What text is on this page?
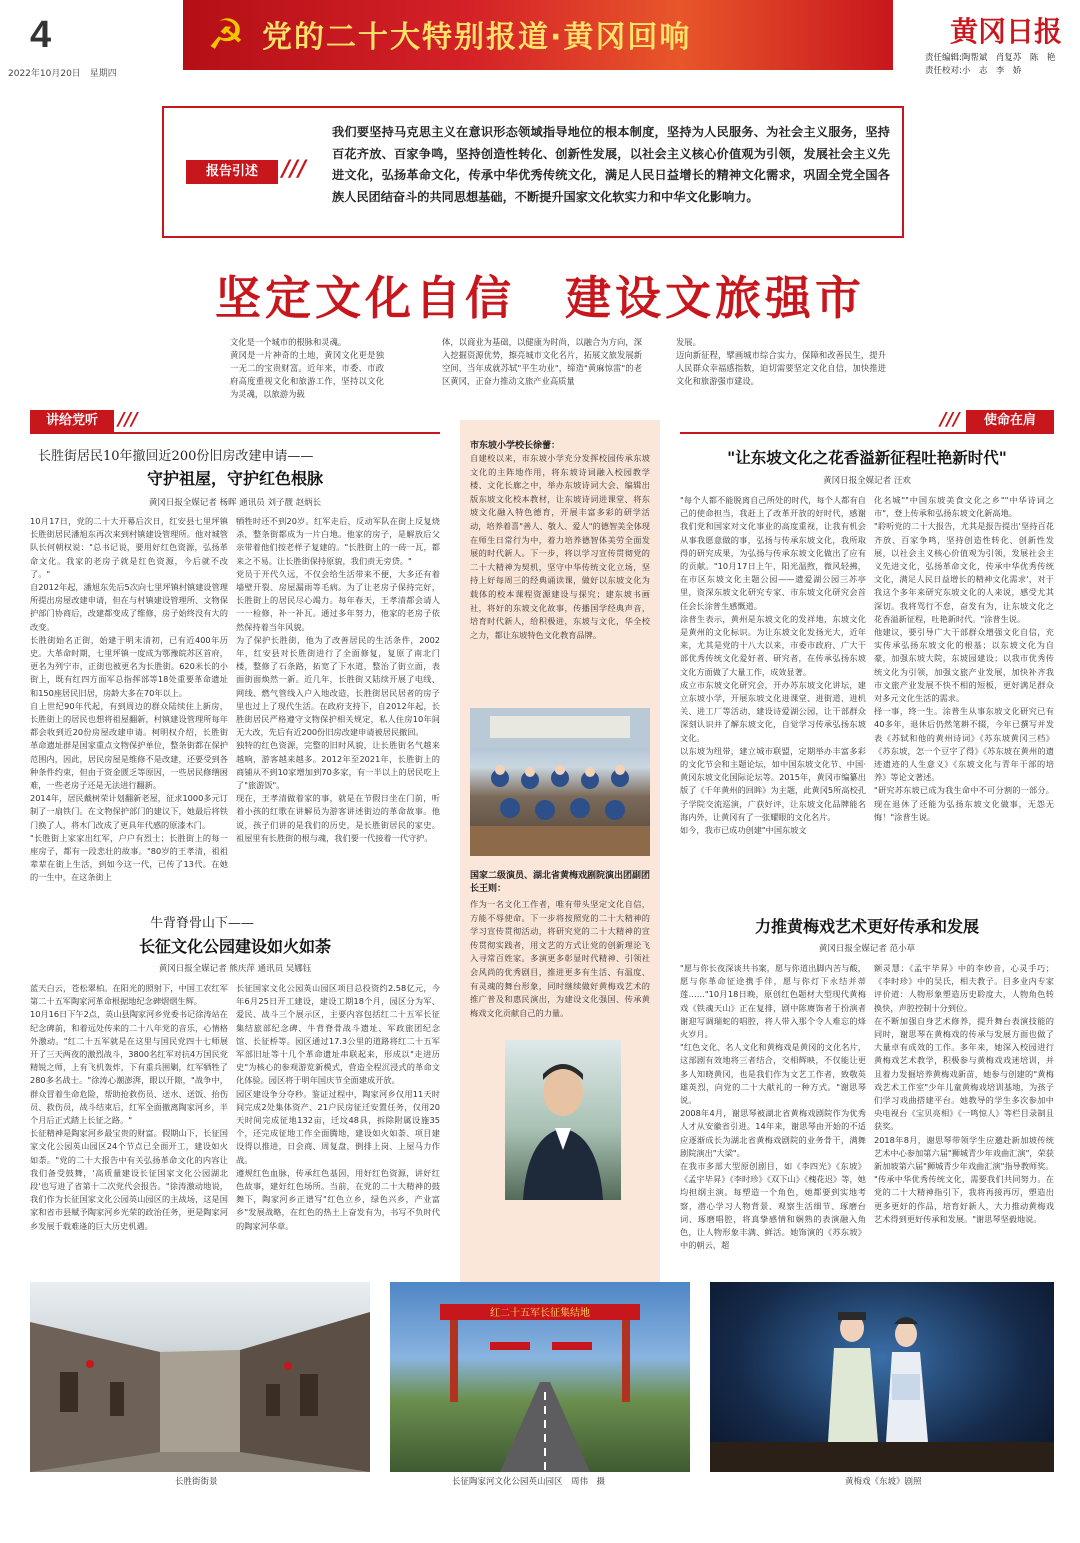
4
2022年10月20日　星期四
☭ 党的二十大特别报道·黄冈回响	黄冈日报
责任编辑:陶帮斌　肖复苏　陈　艳
责任校对:小　志　李　娇
报告引述	///
我们要坚持马克思主义在意识形态领域指导地位的根本制度，坚持为人民服务、为社会主义服务，坚持百花齐放、百家争鸣，坚持创造性转化、创新性发展，以社会主义核心价值观为引领，发展社会主义先进文化，弘扬革命文化，传承中华优秀传统文化，满足人民日益增长的精神文化需求，巩固全党全国各族人民团结奋斗的共同思想基础，不断提升国家文化软实力和中华文化影响力。
坚定文化自信　建设文旅强市
文化是一个城市的根脉和灵魂。
黄冈是一片神奇的土地，黄冈文化更是独一无二的宝贵财富。近年来，市委、市政府高度重视文化和旅游工作，坚持以文化为灵魂，以旅游为载
体，以商业为基础，以健康为时尚，以融合为方向，深入挖掘资源优势，擦亮城市文化名片，拓展文旅发展新空间，当年成就苏轼"平生功业"，缔造"黄麻惊雷"的老区黄冈，正奋力推动文旅产业高质量
发展。
迈向新征程，擘画城市综合实力，保障和改善民生，提升人民群众幸福感指数，迫切需要坚定文化自信，加快推进文化和旅游强市建设。
讲给党听	///
长胜街居民10年撤回近200份旧房改建申请——
守护祖屋，守护红色根脉
黄冈日报全媒记者 杨晖 通讯员 刘子靓 赵炳长
10月17日，党的二十大开幕后次日，红安县七里坪镇长胜街居民潘旭东再次来到村镇建设管理所。他对城管队长何朝权说："总书记说，要用好红色资源，弘扬革命文化。我家的老房子就是红色资源，今后就不改了。"
自2012年起，潘旭东先后5次向七里坪镇村镇建设管理所提出房屋改建申请，但在与村镇建设管理所、文物保护部门协商后，改建都变成了维修，房子始终没有大的改变。
长胜街始名正街，始建于明末清初，已有近400年历史。大革命时期，七里坪镇一度成为鄂豫皖苏区首府，更名为列宁市，正街也被更名为长胜街。620米长的小街上，既有红四方面军总指挥部等18处重要革命遗址和150座居民旧居，房龄大多在70年以上。
自上世纪90年代起，有到周边的群众陆续住上新房，长胜街上的居民也想将祖屋翻新，村镇建设管理所每年都会收到近20份房屋改建申请。柯明权介绍，长胜街革命遗址群是国家重点文物保护单位，整条街都在保护范围内，因此，居民房屋是维修不是改建，还要受到各种条件约束，但由于资金匮乏等原因，一些居民修缮困难，一些老房子还是无法进行翻新。
2014年，居民戴树荣计划翻新老屋，征求1000多元订制了一扇铁门。在文物保护部门的建议下，她最后将铁门换了人，将木门改成了更具年代感的原漆木门。
"长胜街上家家出红军，户户有烈士；长胜街上的每一座房子，都有一段悲壮的故事。"80岁的王孝清，祖祖辈辈在街上生活，到如今这一代，已传了13代。在她的一生中，在这条街上
牺牲时还不到20岁。红军走后，反动军队在街上反复烧杀，整条街都成为一片白地。他家的房子，是解放后父亲带着他们按老样子复建的。"长胜街上的一砖一瓦，都来之不易。让长胜街保持原貌，我们责无旁贷。"
党员于开代久远，不仅会给生活带来不便，大多还有着墙壁开裂、房屋漏雨等毛病。为了让老房子保持完好，长胜街上的居民尽心竭力。每年春天，王孝清都会请人一一检修，补一补瓦。通过多年努力，他家的老房子依然保持着当年风貌。
为了保护长胜街，他为了改善居民的生活条件，2002年，红安县对长胜街进行了全面修复，复原了南北门楼，整修了石条路，拓宽了下水道，整治了街立面，表面街面焕然一新。近几年，长胜街又陆续开展了电线、网线、燃气管线入户入地改造，长胜街居民居者的房子里也过上了现代生活。在政府支持下，自2012年起，长胜街居民严格遵守文物保护相关规定，私人住房10年间无大改，先后有近200份旧房改建申请被居民撤回。
独特的红色资源，完整的旧时风貌，让长胜街名气越来越响，游客越来越多。2012年至2021年，长胜街上的商铺从不到10家增加到70多家，有一半以上的居民吃上了"旅游饭"。
现在，王孝清做着家的事，就是在节假日坐在门前，听着小孩的红歌在讲解员为游客讲述街边的革命故事。他说，孩子们讲的是我们的历史，是长胜街居民的家史。祖屋里有长胜街的根与魂，我们要一代接着一代守护。
牛背脊骨山下——
长征文化公园建设如火如荼
黄冈日报全媒记者 熊庆萍 通讯员 吴娜钰
蓝天白云，苍松翠柏。在阳光的照射下，中国工农红军第二十五军陶家河革命根据地纪念碑熠熠生辉。
10月16日下午2点，英山县陶家河乡党委书记徐涛站在纪念碑前，和着远处传来的二十八年党的音乐，心情格外激动。"红二十五军就是在这里与国民党四十七师展开了三天两夜的激烈战斗，3800名红军对抗4万国民党精锐之师，上有飞机轰炸，下有重兵围剿，红军牺牲了280多名战士。"徐涛心潮澎湃，眼以开隙，"战争中，群众冒着生命危险，帮助抢救伤员、送水、送饭、抬伤员、救伤员，战斗结束后，红军全面撤离陶家河乡，半个月后正式踏上长征之路。"
长征精神是陶家河乡最宝贵的财富。假期山下，长征国家文化公园英山园区24个节点已全面开工，建设如火如荼。"党的二十大报告中有关弘扬革命文化的内容让我们备受鼓舞，'高质量建设长征国家文化公园湖北段'也写进了省第十二次党代会报告。"徐涛激动地说，我们作为长征国家文化公园英山园区的主战场，这是国家和省市县赋予陶家河乡光荣的政治任务，更是陶家河乡发展千载难逢的巨大历史机遇。
长征国家文化公园英山园区项目总投资约2.58亿元，今年6月25日开工建设，建设工期18个月，园区分为军、爱民、战斗三个展示区，主要内容包括红二十五军长征集结旅部纪念碑、牛背脊骨战斗遗址、军政旅团纪念馆、长征桥等。园区通过17.3公里的道路将红二十五军军部旧址等十几个革命遗址串联起来，形成以"走进历史"为核心的参观游览新模式，营造全程沉浸式的革命文化体验。园区将于明年国庆节全面建成开放。
园区建设争分夺秒。鉴证过程中，陶家河乡仅用11天时间完成2处集体资产、21户民房征迁安置任务，仅用20天时间完成征地132亩，迁坟48具，拆除附属设施35个，还完成征地工作全面腾地，建设如火如荼、项目建设得以推进，日会商、周复盘，倒排上岗、上屋马力作战。
遵规红色血脉，传承红色基因，用好红色资源，讲好红色故事，建好红色场所。当前，在党的二十大精神的鼓舞下，陶家河乡正谱写"红色立乡，绿色兴乡，产业富乡"发展战略，在红色的热土上奋发有为，书写不负时代的陶家河华章。
市东坡小学校长徐蕾：
自建校以来，市东坡小学充分发挥校园传承东坡文化的主阵地作用，将东坡诗词融入校园教学楼、文化长廊之中，举办东坡诗词大会、编辑出版东坡文化校本教材，让东坡诗词进课堂、将东坡文化融入特色德育，开展丰富多彩的研学活动，培养着喜"善人、敬人、爱人"的德智美全体现在师生日常行为中，着力培养德智体美劳全面发展的时代新人。下一步，将以学习宣传贯彻党的二十大精神为契机，坚守中华传统文化立场，坚持上好每周三的经典诵读课，做好以东坡文化为载体的校本课程资源建设与探究；建东坡书画社，将好的东坡文化故事，传播国学经典声音，培育时代新人，给积极进，东坡与文化，华全校之力，都让东坡特色文化教育品牌。
国家二级演员、湖北省黄梅戏剧院演出团副团长王则：
作为一名文化工作者，唯有带头坚定文化自信，方能不辱使命。下一步将按照党的二十大精神的学习宣传贯彻活动，将研究党的二十大精神的宣传贯彻实践者，用文艺的方式让党的创新理论飞入寻常百姓家。多演更多彰显时代精神、引领社会风尚的优秀剧目，推进更多有生活、有温度、有灵魂的舞台形象，同时继续做好黄梅戏艺术的推广普及和惠民演出，为建设文化强国、传承黄梅戏文化贡献自己的力量。
///	使命在肩
"让东坡文化之花香溢新征程吐艳新时代"
黄冈日报全媒记者 汪欢
"每个人都不能脱离自己所处的时代，每个人都有自己的使命担当，我赶上了改革开放的好时代，感谢我们党和国家对文化事业的高度重视，让我有机会从事我愿意做的事，弘扬与传承东坡文化，我所取得的研究成果，为弘扬与传承东坡文化做出了应有的贡献。"10月17日上午，阳光温煦，微风轻拂，在市区东坡文化主题公园——遗爱湖公园三苏亭里，资深东坡文化研究专家、市东坡文化研究会首任会长涂普生感慨道。
涂普生表示，黄州是东坡文化的发祥地，东坡文化是黄州的文化标识。为让东坡文化发扬光大，近年来，尤其是党的十八大以来，市委市政府、广大干部优秀传统文化爱好者、研究者，在传承弘扬东坡文化方面做了大量工作，成效显著。
成立市东坡文化研究会，开办苏东坡文化讲坛，建立东坡小学，开展东坡文化进课堂、进街道、进机关、进工厂等活动，建设诗爱湖公园，让干部群众深刻认识并了解东坡文化，自觉学习传承弘扬东坡文化。
以东坡为纽带，建立城市联盟，定期举办丰富多彩的文化节会和主题论坛，如中国东坡文化节、中国·黄冈东坡文化国际论坛等。2015年，黄冈市编纂出版了《千年黄州的回眸》为主题，此黄冈5所高校孔子学院交流巡演，广获好评，让东坡文化品牌能名海内外，让黄冈有了一张耀眼的文化名片。
如今，我市已成功创建"中国东坡文
化名城""中国东坡美食文化之乡""中华诗词之市"，登上传承和弘扬东坡文化新高地。
"聆听党的二十大报告，尤其是报告提出'坚持百花齐放、百家争鸣，坚持创造性转化、创新性发展，以社会主义核心价值观为引领，发展社会主义先进文化，弘扬革命文化，传承中华优秀传统文化，满足人民日益增长的精神文化需求'，对于我这个多年来研究东坡文化的人来说，感受尤其深切。我将骂行不怠，奋发有为，让东坡文化之花香溢新征程，吐艳新时代。"涂普生说。
他建议，要引导广大干部群众增强文化自信，充实传承弘扬东坡文化的根基；以东坡文化为自豪，加强东坡大院，东坡园建设；以我市优秀传统文化为引领，加强文旅产业发展，加快补齐我市文旅产业发展不快不相的短板，更好满足群众对多元文化生活的需求。
择一事，终一生。涂普生从事东坡文化研究已有40多年，退休后仍然笔耕不辍，今年已撰写并发表《苏轼和他的黄州诗词》《苏东坡黄冈三档》《苏东坡，怎一个豆字了得》《苏东坡在黄州的遗迹遗迹的人生意义》《东坡文化与青年干部的培养》等论文著述。
"研究苏东坡已成为我生命中不可分割的一部分。现在退休了还能为弘扬东坡文化做事，无怨无悔！"涂普生说。
力推黄梅戏艺术更好传承和发展
黄冈日报全媒记者 范小草
"愿与你长夜深谈共书案，愿与你道出脚内苦与酸，愿与你革命征途携手伴，愿与你灯下永结并蒂莲……"10月18日晚，原创红色题材大型现代黄梅戏《铁魂天山》正在复排，剧中陈赓饰者于扮演者谢迎写调瑞蛇的唱腔，将人带入那个令人难忘的烽火岁月。
"红色文化、名人文化和黄梅戏是黄冈的文化名片，这部剧有效地将三者结合，交相辉映，不仅能让更多人知晓黄冈，也是我们作为文艺工作者，致敬英雄英烈，向党的二十大献礼的一种方式。"谢思琴说。
2008年4月，谢思琴被湖北省黄梅戏剧院作为优秀人才从安徽省引进。14年来，谢思琴由开始的不适应逐渐成长为湖北省黄梅戏剧院的业务骨干，满舞剧院演出"大梁"。
在我市多部大型原创剧目，如《李四光》《东坡》《孟宇毕昇》《李时珍》《双下山》《槐花迟》等，她均担纲主演。每塑造一个角色，她都要到实地考察，潜心学习人物背景、观察生活细节、琢磨台词、琢磨唱腔，将真挚感情和娴熟的表演融入角色，让人物形象丰满、鲜活。她饰演的《苏东坡》中的朝云，超
额灵慧；《孟宇毕昇》中的李妙音，心灵手巧；《李时珍》中的吴氏，相夫教子。目多业内专家评价道：人物形象塑造历史聆度大，人物角色转换快，声腔控制十分到位。
在不断加强自身艺术修养，提升舞台表演技能的同时，谢思琴在黄梅戏的传承与发展方面也做了大量卓有成效的工作。多年来，她深入校园进行黄梅戏艺术教学，积极参与黄梅戏戏迷培训，并且着力发掘培养黄梅戏新苗，她参与创建的"黄梅戏艺术工作室"少年儿童黄梅戏培训基地，为孩子们学习戏曲搭建平台。她教导的学生多次参加中央电视台《宝贝亮相》《一鸣惊人》等栏目录制且获奖。
2018年8月，谢思琴带领学生应邀赴新加坡传统艺术中心参加第六届"狮城青少年戏曲汇演"，荣获新加坡第六届"狮城青少年戏曲汇演"指导教师奖。
"传承中华优秀传统文化，需要我们共同努力。在党的二十大精神指引下，我将再接再厉，塑造出更多更好的作品，培育好新人，大力推动黄梅戏艺术得到更好传承和发展。"谢思琴坚毅地说。
长胜街街景
红二十五军长征集结地
长征陶家河文化公园英山园区　周伟　摄	黄梅戏《东坡》剧照
